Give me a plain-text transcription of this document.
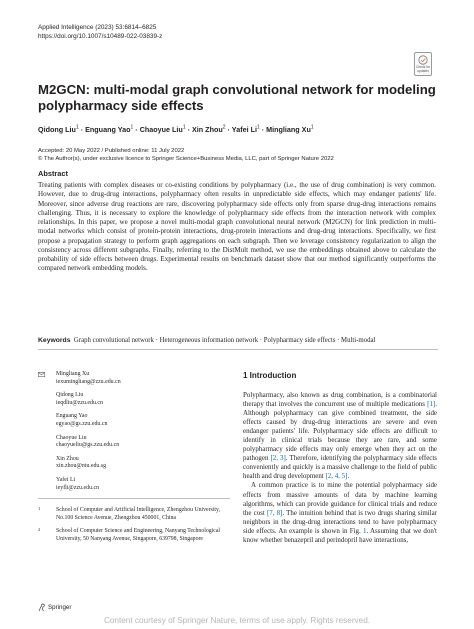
Applied Intelligence (2023) 53:6814–6825
https://doi.org/10.1007/s10489-022-03839-z
Check for
updates
M2GCN: multi-modal graph convolutional network for modeling polypharmacy side effects
Qidong Liu$^1$ · Enguang Yao$^1$ · Chaoyue Liu$^1$ · Xin Zhou$^2$ · Yafei $Li^1$ · Mingliang Xu$^1$
Accepted: 20 May 2022 / Published online: 11 July 2022
© The Author(s), under exclusive licence to Springer Science+Business Media, LLC, part of Springer Nature 2022
Abstract
Treating patients with complex diseases or co-existing conditions by polypharmacy (i.e., the use of drug combination) is very common. However, due to drug-drug interactions, polypharmacy often results in unpredictable side effects, which may endanger patients' life. Moreover, since adverse drug reactions are rare, discovering polypharmacy side effects only from sparse drug-drug interactions remains challenging. Thus, it is necessary to explore the knowledge of polypharmacy side effects from the interaction network with complex relationships. In this paper, we propose a novel multi-modal graph convolutional neural network (M2GCN) for link prediction in multi-modal networks which consist of protein-protein interactions, drug-protein interactions and drug-drug interactions. Specifically, we first propose a propagation strategy to perform graph aggregations on each subgraph. Then we leverage consistency regularization to align the consistency across different subgraphs. Finally, referring to the DistMult method, we use the embeddings obtained above to calculate the probability of side effects between drugs. Experimental results on benchmark dataset show that our method significantly outperforms the compared network embedding models.
Keywords Graph convolutional network · Heterogeneous information network · Polypharmacy side effects · Multi-modal
Mingliang Xu
iexumingliang@zzu.edu.cn
Qidong Liu
ieqdliu@zzu.edu.cn
Enguang Yao
egyao@gs.zzu.edu.cn
Chaoyue Liu
chaoyueliu@gs.zzu.edu.cn
Xin Zhou
xin.zhou@ntu.edu.sg
Yafei Li
ieyfli@zzu.edu.cn
1	School of Computer and Artificial Intelligence, Zhengzhou University, No.100 Science Avenue, Zhengzhou 450001, China
2	School of Computer Science and Engineering, Nanyang Technological University, 50 Nanyang Avenue, Singapore, 639798, Singapore
1 Introduction

Polypharmacy, also known as drug combination, is a combinatorial therapy that involves the concurrent use of multiple medications [1]. Although polypharmacy can give combined treatment, the side effects caused by drug-drug interactions are severe and even endanger patients' life. Polypharmacy side effects are difficult to identify in clinical trials because they are rare, and some polypharmacy side effects may only emerge when they act on the pathogen [2, 3]. Therefore, identifying the polypharmacy side effects conveniently and quickly is a massive challenge to the field of public health and drug development [2, 4, 5].

A common practice is to mine the potential polypharmacy side effects from massive amounts of data by machine learning algorithms, which can provide guidance for clinical trials and reduce the cost [7, 8]. The intuition behind that is two drugs sharing similar neighbors in the drug-drug interactions tend to have polypharmacy side effects. An example is shown in Fig. 1. Assuming that we don't know whether benazepril and perindopril have interactions,

Springer
Content courtesy of Springer Nature, terms of use apply. Rights reserved.
